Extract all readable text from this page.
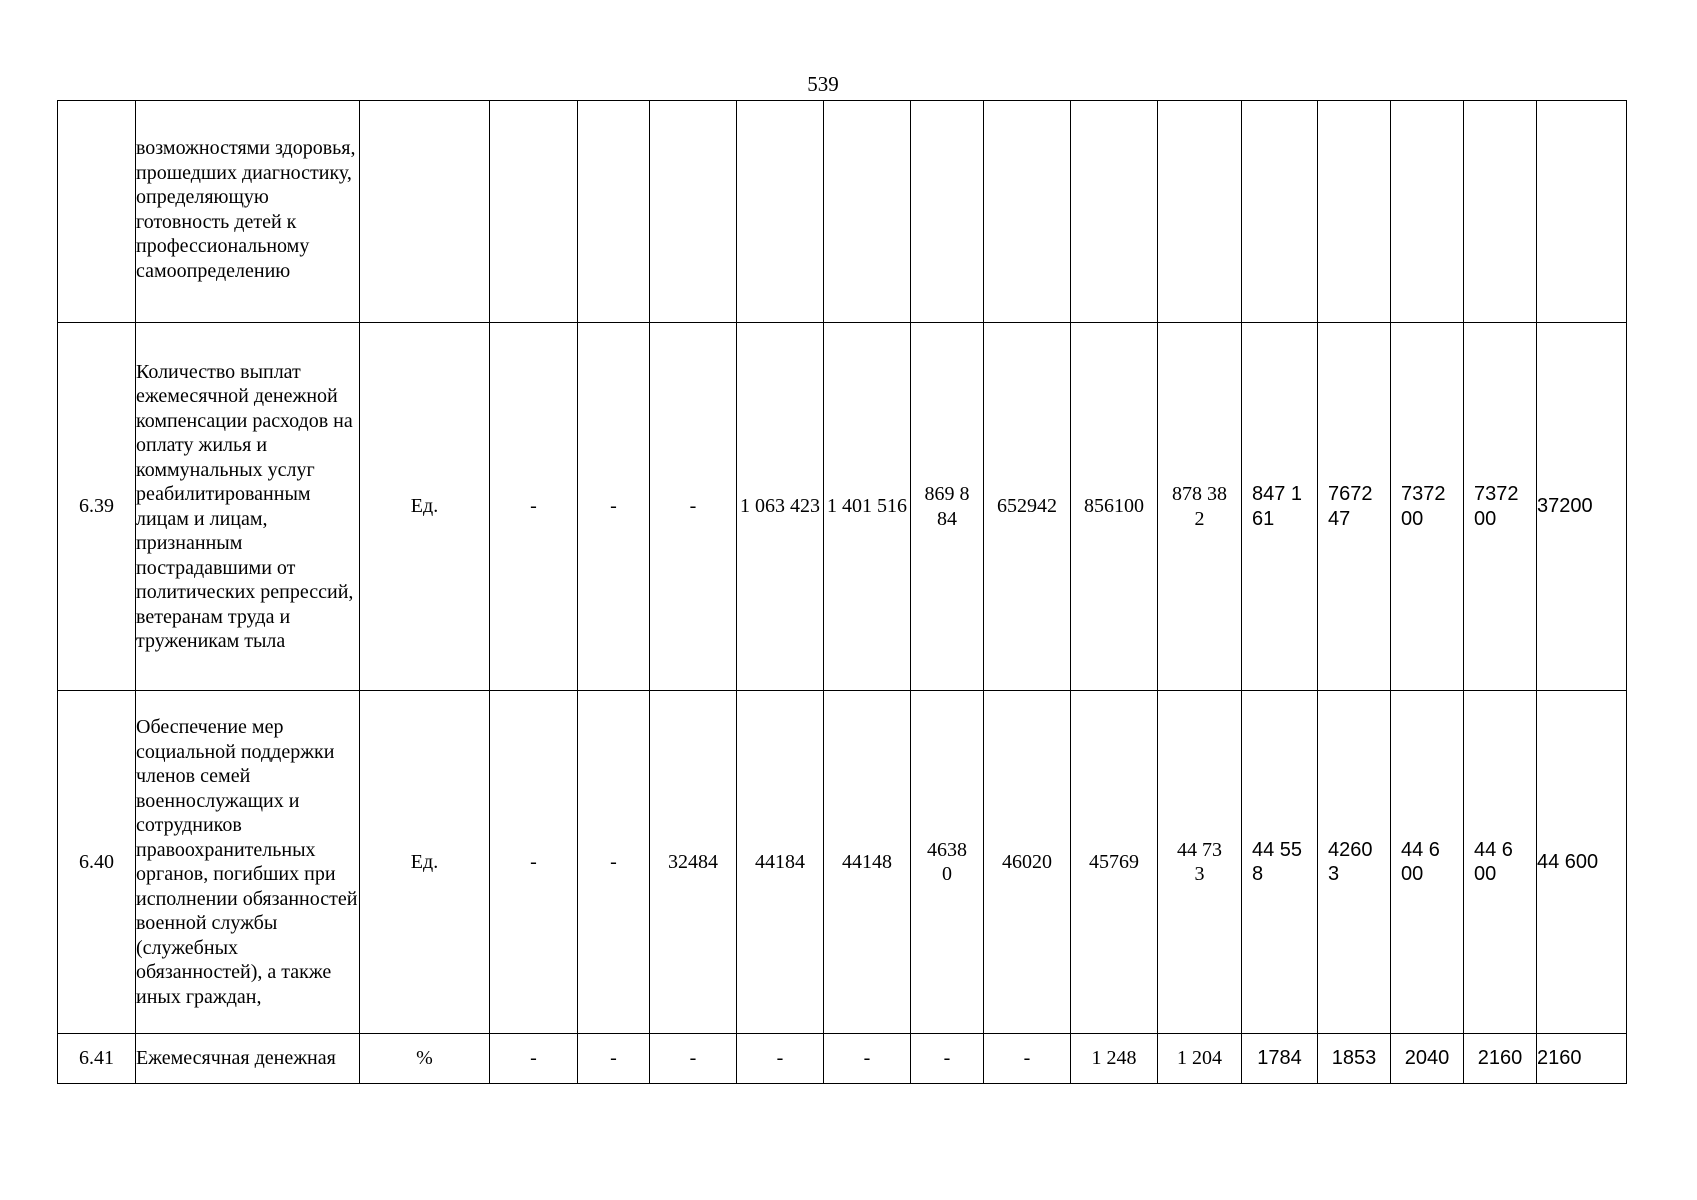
539

	возможностями здоровья, прошедших диагностику, определяющую готовность детей к профессиональному самоопределению															

6.39	Количество выплат ежемесячной денежной компенсации расходов на оплату жилья и коммунальных услуг реабилитированным лицам и лицам, признанным пострадавшими от политических репрессий, ветеранам труда и труженикам тыла	Ед.	-	-	-	1 063 423	1 401 516	869 884	652942	856100	878 382	847 161	767247	737200	737200	37200
6.40	Обеспечение мер социальной поддержки членов семей военнослужащих и сотрудников правоохранительных органов, погибших при исполнении обязанностей военной службы (служебных обязанностей), а также иных граждан,	Ед.	-	-	32484	44184	44148	46380	46020	45769	44 733	44 558	42603	44 600	44 600	44 600
6.41	Ежемесячная денежная	%	-	-	-	-	-	-	-	1 248	1 204	1784	1853	2040	2160	2160
